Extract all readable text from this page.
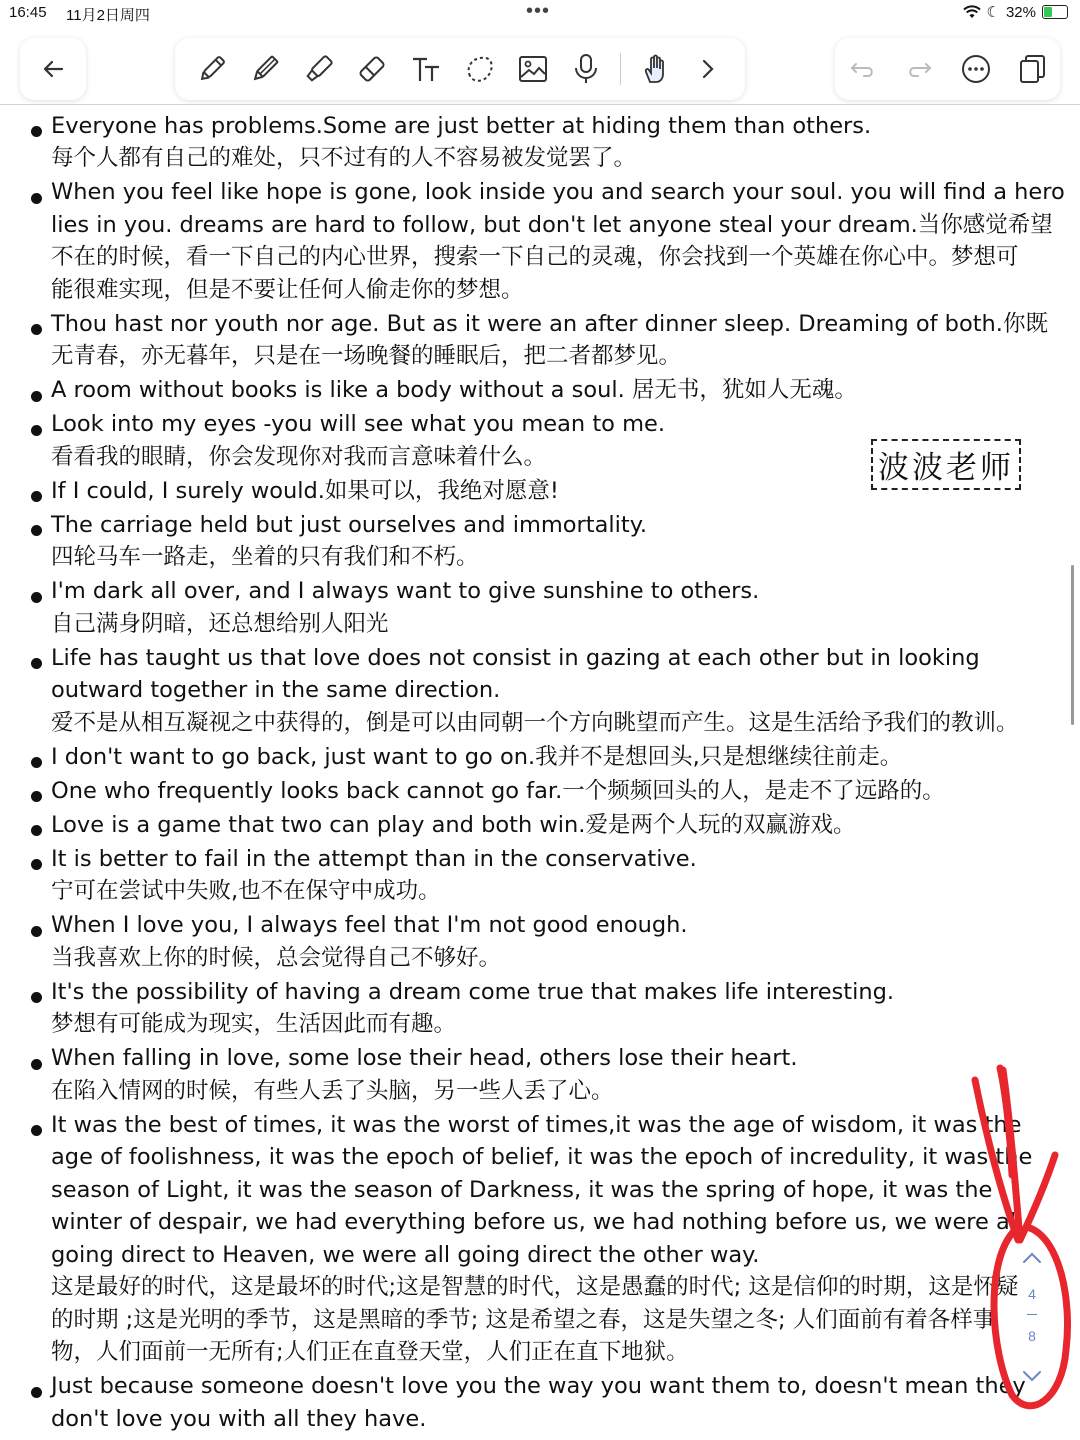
16:45 11月2日周四	•••	☾ 32%
Everyone has problems.Some are just better at hiding them than others.
每个人都有自己的难处，只不过有的人不容易被发觉罢了。
When you feel like hope is gone, look inside you and search your soul. you will find a hero
lies in you. dreams are hard to follow, but don't let anyone steal your dream.当你感觉希望
不在的时候，看一下自己的内心世界，搜索一下自己的灵魂，你会找到一个英雄在你心中。梦想可
能很难实现，但是不要让任何人偷走你的梦想。
Thou hast nor youth nor age. But as it were an after dinner sleep. Dreaming of both.你既
无青春，亦无暮年，只是在一场晚餐的睡眠后，把二者都梦见。
A room without books is like a body without a soul. 居无书，犹如人无魂。
Look into my eyes -you will see what you mean to me.
看看我的眼睛，你会发现你对我而言意味着什么。
If I could, I surely would.如果可以，我绝对愿意!
The carriage held but just ourselves and immortality.
四轮马车一路走，坐着的只有我们和不朽。
I'm dark all over, and I always want to give sunshine to others.
自己满身阴暗，还总想给别人阳光
Life has taught us that love does not consist in gazing at each other but in looking
outward together in the same direction.
爱不是从相互凝视之中获得的，倒是可以由同朝一个方向眺望而产生。这是生活给予我们的教训。
I don't want to go back, just want to go on.我并不是想回头,只是想继续往前走。
One who frequently looks back cannot go far.一个频频回头的人，是走不了远路的。
Love is a game that two can play and both win.爱是两个人玩的双赢游戏。
It is better to fail in the attempt than in the conservative.
宁可在尝试中失败,也不在保守中成功。
When I love you, I always feel that I'm not good enough.
当我喜欢上你的时候，总会觉得自己不够好。
It's the possibility of having a dream come true that makes life interesting.
梦想有可能成为现实，生活因此而有趣。
When falling in love, some lose their head, others lose their heart.
在陷入情网的时候，有些人丢了头脑，另一些人丢了心。
It was the best of times, it was the worst of times,it was the age of wisdom, it was the
age of foolishness, it was the epoch of belief, it was the epoch of incredulity, it was the
season of Light, it was the season of Darkness, it was the spring of hope, it was the
winter of despair, we had everything before us, we had nothing before us, we were all
going direct to Heaven, we were all going direct the other way.
这是最好的时代，这是最坏的时代;这是智慧的时代，这是愚蠢的时代; 这是信仰的时期，这是怀疑
的时期 ;这是光明的季节，这是黑暗的季节; 这是希望之春，这是失望之冬; 人们面前有着各样事
物，人们面前一无所有;人们正在直登天堂，人们正在直下地狱。
Just because someone doesn't love you the way you want them to, doesn't mean they
don't love you with all they have.
波波老师
4
8
